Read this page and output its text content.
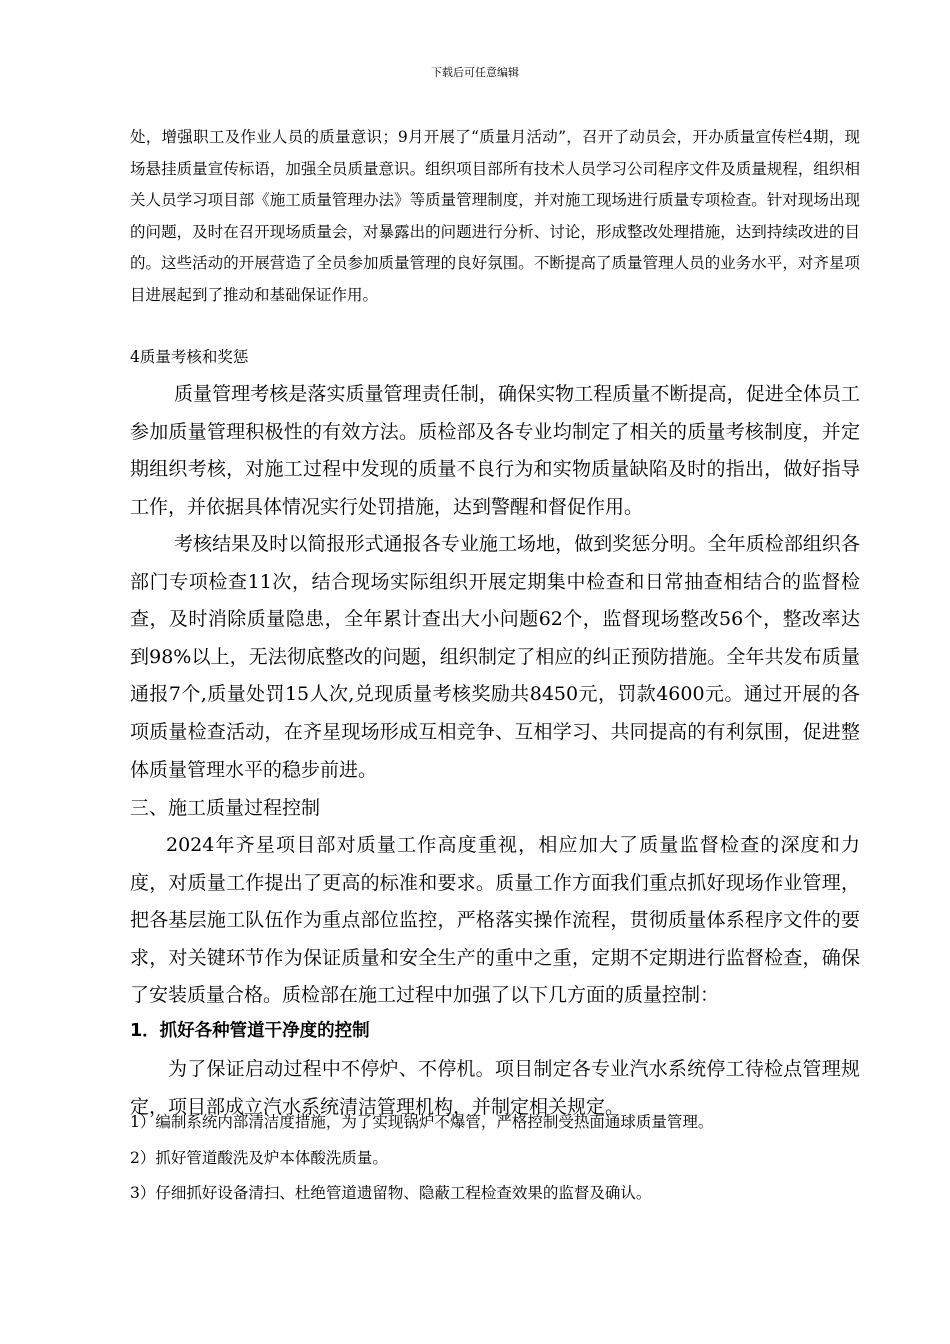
下载后可任意编辑

处，增强职工及作业人员的质量意识；9月开展了“质量月活动”，召开了动员会，开办质量宣传栏4期，现场悬挂质量宣传标语，加强全员质量意识。组织项目部所有技术人员学习公司程序文件及质量规程，组织相关人员学习项目部《施工质量管理办法》等质量管理制度，并对施工现场进行质量专项检查。针对现场出现的问题，及时在召开现场质量会，对暴露出的问题进行分析、讨论，形成整改处理措施，达到持续改进的目的。这些活动的开展营造了全员参加质量管理的良好氛围。不断提高了质量管理人员的业务水平，对齐星项目进展起到了推动和基础保证作用。

4质量考核和奖惩

质量管理考核是落实质量管理责任制，确保实物工程质量不断提高，促进全体员工参加质量管理积极性的有效方法。质检部及各专业均制定了相关的质量考核制度，并定期组织考核，对施工过程中发现的质量不良行为和实物质量缺陷及时的指出，做好指导工作，并依据具体情况实行处罚措施，达到警醒和督促作用。

考核结果及时以简报形式通报各专业施工场地，做到奖惩分明。全年质检部组织各部门专项检查11次，结合现场实际组织开展定期集中检查和日常抽查相结合的监督检查，及时消除质量隐患，全年累计查出大小问题62个，监督现场整改56个，整改率达到98%以上，无法彻底整改的问题，组织制定了相应的纠正预防措施。全年共发布质量通报7个,质量处罚15人次,兑现质量考核奖励共8450元，罚款4600元。通过开展的各项质量检查活动，在齐星现场形成互相竞争、互相学习、共同提高的有利氛围，促进整体质量管理水平的稳步前进。

三、施工质量过程控制

2024年齐星项目部对质量工作高度重视，相应加大了质量监督检查的深度和力度，对质量工作提出了更高的标准和要求。质量工作方面我们重点抓好现场作业管理，把各基层施工队伍作为重点部位监控，严格落实操作流程，贯彻质量体系程序文件的要求，对关键环节作为保证质量和安全生产的重中之重，定期不定期进行监督检查，确保了安装质量合格。质检部在施工过程中加强了以下几方面的质量控制：

1．抓好各种管道干净度的控制

为了保证启动过程中不停炉、不停机。项目制定各专业汽水系统停工待检点管理规定，项目部成立汽水系统清洁管理机构，并制定相关规定。

1）编制系统内部清洁度措施，为了实现锅炉不爆管，严格控制受热面通球质量管理。

2）抓好管道酸洗及炉本体酸洗质量。

3）仔细抓好设备清扫、杜绝管道遗留物、隐蔽工程检查效果的监督及确认。
